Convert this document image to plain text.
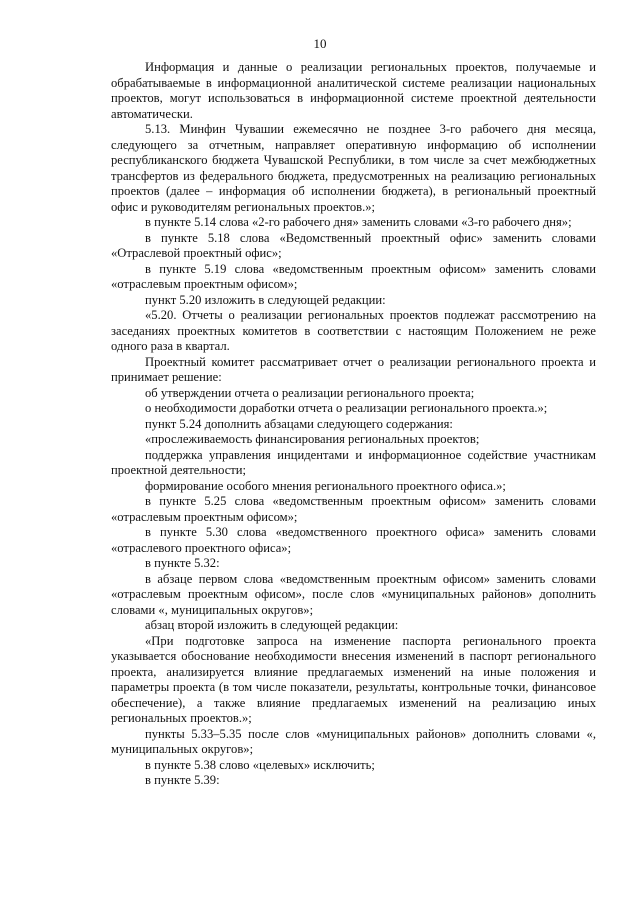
10

Информация и данные о реализации региональных проектов, получаемые и обрабатываемые в информационной аналитической системе реализации национальных проектов, могут использоваться в информационной системе проектной деятельности автоматически.

5.13. Минфин Чувашии ежемесячно не позднее 3-го рабочего дня месяца, следующего за отчетным, направляет оперативную информацию об исполнении республиканского бюджета Чувашской Республики, в том числе за счет межбюджетных трансфертов из федерального бюджета, предусмотренных на реализацию региональных проектов (далее – информация об исполнении бюджета), в региональный проектный офис и руководителям региональных проектов.»;

в пункте 5.14 слова «2-го рабочего дня» заменить словами «3-го рабочего дня»;

в пункте 5.18 слова «Ведомственный проектный офис» заменить словами «Отраслевой проектный офис»;

в пункте 5.19 слова «ведомственным проектным офисом» заменить словами «отраслевым проектным офисом»;

пункт 5.20 изложить в следующей редакции:

«5.20. Отчеты о реализации региональных проектов подлежат рассмотрению на заседаниях проектных комитетов в соответствии с настоящим Положением не реже одного раза в квартал.

Проектный комитет рассматривает отчет о реализации регионального проекта и принимает решение:

об утверждении отчета о реализации регионального проекта;

о необходимости доработки отчета о реализации регионального проекта.»;

пункт 5.24 дополнить абзацами следующего содержания:

«прослеживаемость финансирования региональных проектов;

поддержка управления инцидентами и информационное содействие участникам проектной деятельности;

формирование особого мнения регионального проектного офиса.»;

в пункте 5.25 слова «ведомственным проектным офисом» заменить словами «отраслевым проектным офисом»;

в пункте 5.30 слова «ведомственного проектного офиса» заменить словами «отраслевого проектного офиса»;

в пункте 5.32:

в абзаце первом слова «ведомственным проектным офисом» заменить словами «отраслевым проектным офисом», после слов «муниципальных районов» дополнить словами «, муниципальных округов»;

абзац второй изложить в следующей редакции:

«При подготовке запроса на изменение паспорта регионального проекта указывается обоснование необходимости внесения изменений в паспорт регионального проекта, анализируется влияние предлагаемых изменений на иные положения и параметры проекта (в том числе показатели, результаты, контрольные точки, финансовое обеспечение), а также влияние предлагаемых изменений на реализацию иных региональных проектов.»;

пункты 5.33–5.35 после слов «муниципальных районов» дополнить словами «, муниципальных округов»;

в пункте 5.38 слово «целевых» исключить;

в пункте 5.39:
